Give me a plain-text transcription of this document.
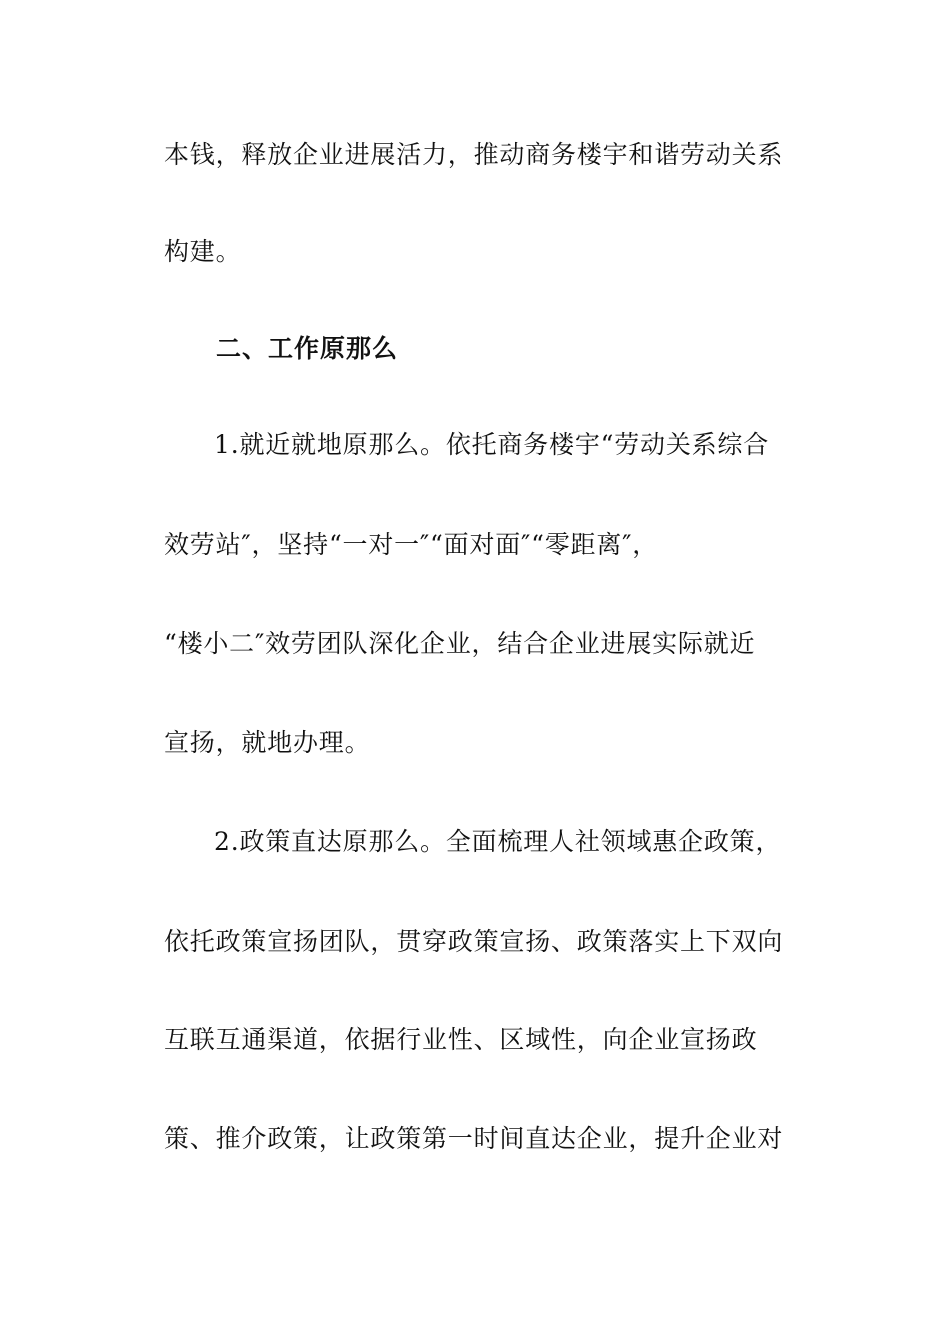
本钱，释放企业进展活力，推动商务楼宇和谐劳动关系
构建。
二、工作原那么
1.就近就地原那么。依托商务楼宇“劳动关系综合
效劳站″，坚持“一对一″“面对面″“零距离″，
“楼小二″效劳团队深化企业，结合企业进展实际就近
宣扬，就地办理。
2.政策直达原那么。全面梳理人社领域惠企政策，
依托政策宣扬团队，贯穿政策宣扬、政策落实上下双向
互联互通渠道，依据行业性、区域性，向企业宣扬政
策、推介政策，让政策第一时间直达企业，提升企业对
